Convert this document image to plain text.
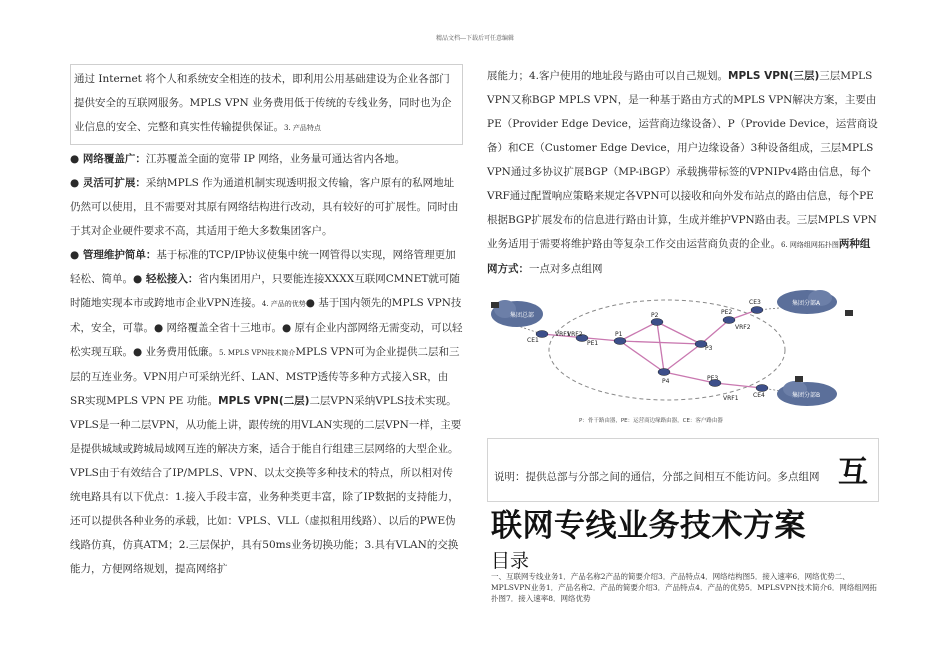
精品文档---下载后可任意编辑
通过 Internet 将个人和系统安全相连的技术，即利用公用基础建设为企业各部门提供安全的互联网服务。MPLS VPN 业务费用低于传统的专线业务，同时也为企业信息的安全、完整和真实性传输提供保证。3. 产品特点

● 网络覆盖广：江苏覆盖全面的宽带 IP 网络，业务量可通达省内各地。

● 灵活可扩展：采纳MPLS 作为通道机制实现透明报文传输，客户原有的私网地址仍然可以使用，且不需要对其原有网络结构进行改动，具有较好的可扩展性。同时由于其对企业硬件要求不高，其适用于绝大多数集团客户。

● 管理维护简单：基于标准的TCP/IP协议使集中统一网管得以实现，网络管理更加轻松、简单。● 轻松接入：省内集团用户，只要能连接XXXX互联网CMNET就可随时随地实现本市或跨地市企业VPN连接。4. 产品的优势● 基于国内领先的MPLS VPN技术，安全，可靠。● 网络覆盖全省十三地市。● 原有企业内部网络无需变动，可以轻松实现互联。● 业务费用低廉。5. MPLS VPN技术简介MPLS VPN可为企业提供二层和三层的互连业务。VPN用户可采纳光纤、LAN、MSTP透传等多种方式接入SR，由SR实现MPLS VPN PE 功能。MPLS VPN(二层)二层VPN采纳VPLS技术实现。VPLS是一种二层VPN，从功能上讲，跟传统的用VLAN实现的二层VPN一样，主要是提供城域或跨城局域网互连的解决方案，适合于能自行组建三层网络的大型企业。VPLS由于有效结合了IP/MPLS、VPN、以太交换等多种技术的特点，所以相对传统电路具有以下优点：1.接入手段丰富，业务种类更丰富，除了IP数据的支持能力，还可以提供各种业务的承载，比如：VPLS、VLL（虚拟租用线路）、以后的PWE伪线路仿真，仿真ATM；2.三层保护，具有50ms业务切换功能；3.具有VLAN的交换能力，方便网络规划，提高网络扩

展能力；4.客户使用的地址段与路由可以自己规划。MPLS VPN(三层)三层MPLS VPN又称BGP MPLS VPN，是一种基于路由方式的MPLS VPN解决方案，主要由PE（Provider Edge Device，运营商边缘设备）、P（Provide Device，运营商设备）和CE（Customer Edge Device，用户边缘设备）3种设备组成，三层MPLS VPN通过多协议扩展BGP（MP-iBGP）承载携带标签的VPNIPv4路由信息，每个VRF通过配置响应策略来规定各VPN可以接收和向外发布站点的路由信息，每个PE根据BGP扩展发布的信息进行路由计算，生成并维护VPN路由表。三层MPLS VPN业务适用于需要将维护路由等复杂工作交由运营商负责的企业。6. 网络组网拓扑图两种组网方式：一点对多点组网

集团总部
集团分部A
集团分部B
CE1
VRF1
VRF2
PE1
P1
P2
P3
P4
PE2
VRF2
PE3
VRF1
CE3
CE4
P：骨干路由器，PE：运营商边缘路由器，CE：客户路由器
说明：提供总部与分部之间的通信，分部之间相互不能访问。多点组网 互
联网专线业务技术方案
目录
一、互联网专线业务1．产品名称2产品的简要介绍3．产品特点4．网络结构图5．接入速率6．网络优势二、MPLSVPN业务1．产品名称2．产品的简要介绍3．产品特点4．产品的优势5．MPLSVPN技术简介6．网络组网拓扑图7．接入速率8．网络优势
